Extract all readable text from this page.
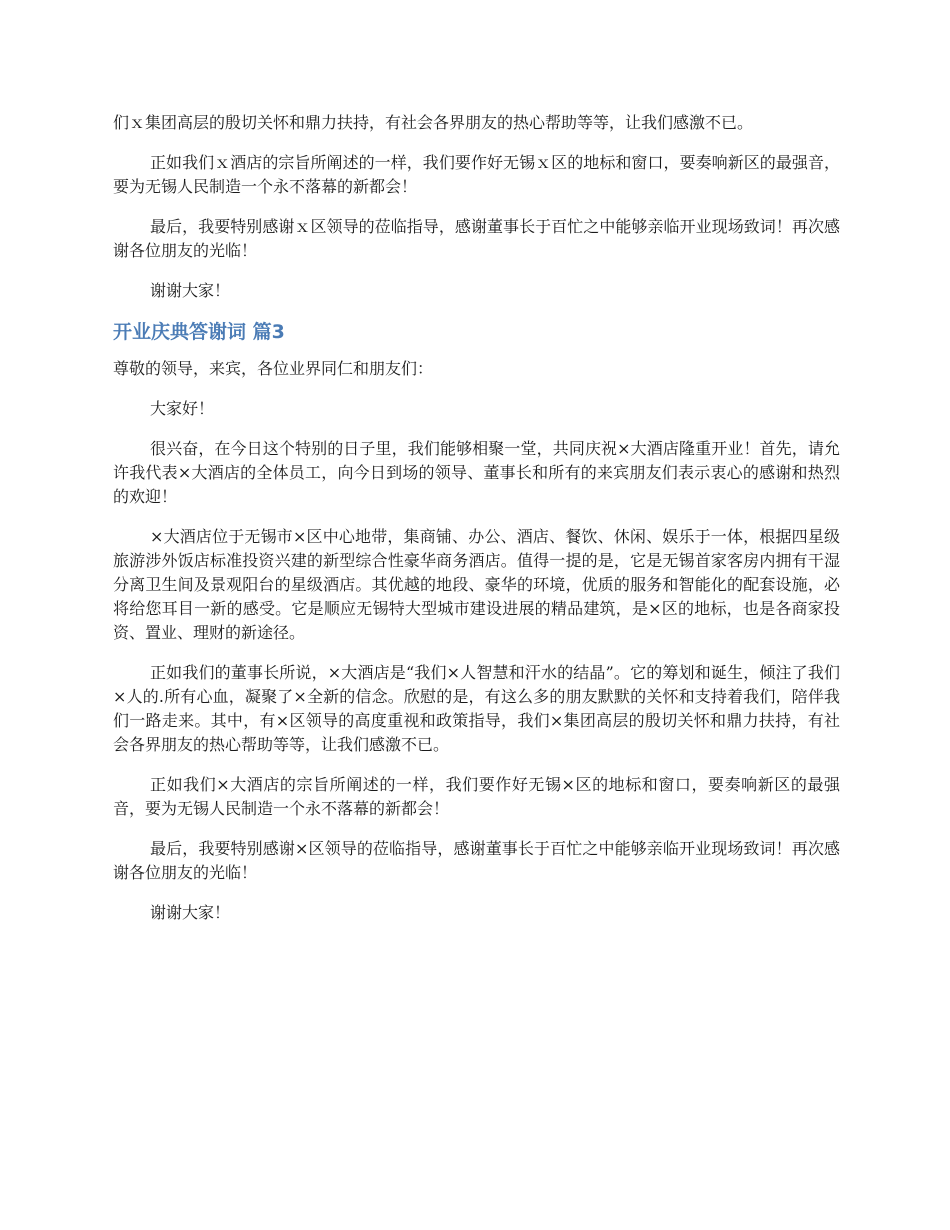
们ｘ集团高层的殷切关怀和鼎力扶持，有社会各界朋友的热心帮助等等，让我们感激不已。

正如我们ｘ酒店的宗旨所阐述的一样，我们要作好无锡ｘ区的地标和窗口，要奏响新区的最强音，要为无锡人民制造一个永不落幕的新都会！

最后，我要特别感谢ｘ区领导的莅临指导，感谢董事长于百忙之中能够亲临开业现场致词！再次感谢各位朋友的光临！

谢谢大家！

开业庆典答谢词 篇3

尊敬的领导，来宾，各位业界同仁和朋友们：

大家好！

很兴奋，在今日这个特别的日子里，我们能够相聚一堂，共同庆祝×大酒店隆重开业！首先，请允许我代表×大酒店的全体员工，向今日到场的领导、董事长和所有的来宾朋友们表示衷心的感谢和热烈的欢迎！

×大酒店位于无锡市×区中心地带，集商铺、办公、酒店、餐饮、休闲、娱乐于一体，根据四星级旅游涉外饭店标准投资兴建的新型综合性豪华商务酒店。值得一提的是，它是无锡首家客房内拥有干湿分离卫生间及景观阳台的星级酒店。其优越的地段、豪华的环境，优质的服务和智能化的配套设施，必将给您耳目一新的感受。它是顺应无锡特大型城市建设进展的精品建筑，是×区的地标，也是各商家投资、置业、理财的新途径。

正如我们的董事长所说，×大酒店是“我们×人智慧和汗水的结晶”。它的筹划和诞生，倾注了我们×人的.所有心血，凝聚了×全新的信念。欣慰的是，有这么多的朋友默默的关怀和支持着我们，陪伴我们一路走来。其中，有×区领导的高度重视和政策指导，我们×集团高层的殷切关怀和鼎力扶持，有社会各界朋友的热心帮助等等，让我们感激不已。

正如我们×大酒店的宗旨所阐述的一样，我们要作好无锡×区的地标和窗口，要奏响新区的最强音，要为无锡人民制造一个永不落幕的新都会！

最后，我要特别感谢×区领导的莅临指导，感谢董事长于百忙之中能够亲临开业现场致词！再次感谢各位朋友的光临！

谢谢大家！
